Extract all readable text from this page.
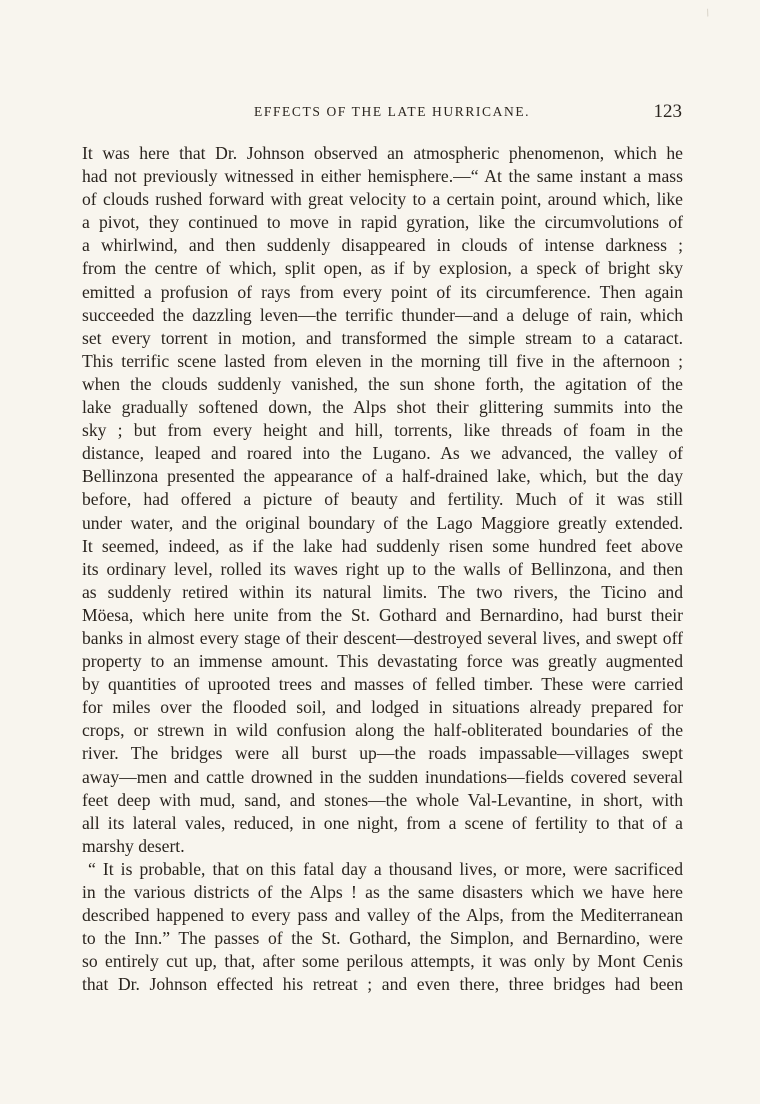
/
EFFECTS OF THE LATE HURRICANE.	123
It was here that Dr. Johnson observed an atmospheric phenomenon, which he
had not previously witnessed in either hemisphere.—“ At the same instant a mass
of clouds rushed forward with great velocity to a certain point, around which, like
a pivot, they continued to move in rapid gyration, like the circumvolutions of
a whirlwind, and then suddenly disappeared in clouds of intense darkness ;
from the centre of which, split open, as if by explosion, a speck of bright sky
emitted a profusion of rays from every point of its circumference. Then again
succeeded the dazzling leven—the terrific thunder—and a deluge of rain, which
set every torrent in motion, and transformed the simple stream to a cataract.
This terrific scene lasted from eleven in the morning till five in the afternoon ;
when the clouds suddenly vanished, the sun shone forth, the agitation of the
lake gradually softened down, the Alps shot their glittering summits into the
sky ; but from every height and hill, torrents, like threads of foam in the
distance, leaped and roared into the Lugano. As we advanced, the valley of
Bellinzona presented the appearance of a half-drained lake, which, but the day
before, had offered a picture of beauty and fertility. Much of it was still
under water, and the original boundary of the Lago Maggiore greatly extended.
It seemed, indeed, as if the lake had suddenly risen some hundred feet above
its ordinary level, rolled its waves right up to the walls of Bellinzona, and then
as suddenly retired within its natural limits. The two rivers, the Ticino and
Möesa, which here unite from the St. Gothard and Bernardino, had burst their
banks in almost every stage of their descent—destroyed several lives, and swept off
property to an immense amount. This devastating force was greatly augmented
by quantities of uprooted trees and masses of felled timber. These were carried
for miles over the flooded soil, and lodged in situations already prepared for
crops, or strewn in wild confusion along the half-obliterated boundaries of the
river. The bridges were all burst up—the roads impassable—villages swept
away—men and cattle drowned in the sudden inundations—fields covered several
feet deep with mud, sand, and stones—the whole Val-Levantine, in short, with
all its lateral vales, reduced, in one night, from a scene of fertility to that of a
marshy desert.
“ It is probable, that on this fatal day a thousand lives, or more, were sacrificed
in the various districts of the Alps ! as the same disasters which we have here
described happened to every pass and valley of the Alps, from the Mediterranean
to the Inn.” The passes of the St. Gothard, the Simplon, and Bernardino, were
so entirely cut up, that, after some perilous attempts, it was only by Mont Cenis
that Dr. Johnson effected his retreat ; and even there, three bridges had been
